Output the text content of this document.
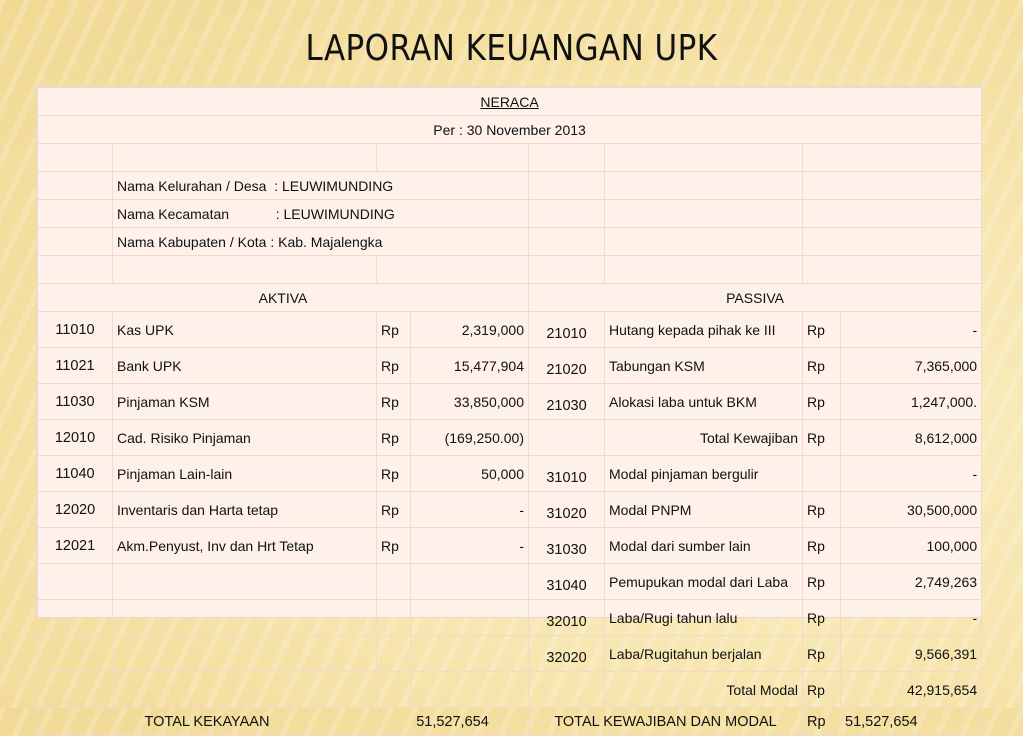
LAPORAN KEUANGAN UPK
NERACA							
Per : 30 November 2013							

	Nama Kelurahan / Desa  : LEUWIMUNDING						
	Nama Kecamatan            : LEUWIMUNDING						
	Nama Kabupaten / Kota : Kab. Majalengka						

AKTIVA				PASSIVA			
11010	Kas UPK	Rp	2,319,000	21010	Hutang kepada pihak ke III	Rp	-
11021	Bank UPK	Rp	15,477,904	21020	Tabungan KSM	Rp	7,365,000
11030	Pinjaman KSM	Rp	33,850,000	21030	Alokasi laba untuk BKM	Rp	1,247,000.
12010	Cad. Risiko Pinjaman	Rp	(169,250.00)		Total Kewajiban	Rp	8,612,000
11040	Pinjaman Lain-lain	Rp	50,000	31010	Modal pinjaman bergulir		-
12020	Inventaris dan Harta tetap	Rp	-	31020	Modal PNPM	Rp	30,500,000
12021	Akm.Penyust, Inv dan Hrt Tetap	Rp	-	31030	Modal dari sumber lain	Rp	100,000
				31040	Pemupukan modal dari Laba	Rp	2,749,263
				32010	Laba/Rugi tahun lalu	Rp	-
				32020	Laba/Rugitahun berjalan	Rp	9,566,391
					Total Modal	Rp	42,915,654
TOTAL KEKAYAAN		51,527,654		TOTAL KEWAJIBAN DAN MODAL		Rp	51,527,654
